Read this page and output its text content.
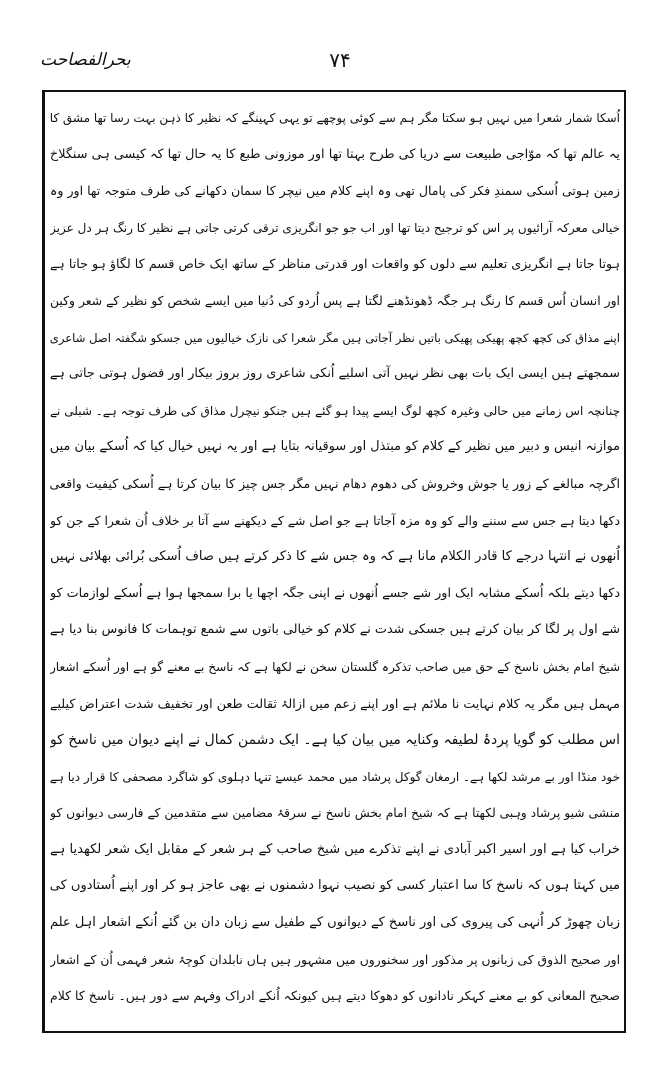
بحرالفصاحت	۷۴
اُسکا شمار شعرا میں نہیں ہو سکتا مگر ہم سے کوئی پوچھے تو یہی کہینگے کہ نظیر کا ذہن بہت رسا تھا مشق کا
یہ عالم تھا کہ موّاجی طبیعت سے دریا کی طرح بہتا تھا اور موزونی طبع کا یہ حال تھا کہ کیسی ہی سنگلاخ
زمین ہوتی اُسکی سمندِ فکر کی پامال تھی وہ اپنے کلام میں نیچر کا سمان دکھانے کی طرف متوجہ تھا اور وہ
خیالی معرکہ آرائیوں پر اس کو ترجیح دیتا تھا اور اب جو جو انگریزی ترقی کرتی جاتی ہے نظیر کا رنگ ہر دل عزیز
ہوتا جاتا ہے انگریزی تعلیم سے دلوں کو واقعات اور قدرتی مناظر کے ساتھ ایک خاص قسم کا لگاؤ ہو جاتا ہے
اور انسان اُس قسم کا رنگ ہر جگہ ڈھونڈھنے لگتا ہے پس اُردو کی دُنیا میں ایسے شخص کو نظیر کے شعر وکین
اپنے مذاق کی کچھ کچھ پھیکی پھیکی باتیں نظر آجاتی ہیں مگر شعرا کی نازک خیالیوں میں جسکو شگفتہ اصل شاعری
سمجھتے ہیں ایسی ایک بات بھی نظر نہیں آتی اسلیے اُنکی شاعری روز بروز بیکار اور فضول ہوتی جاتی ہے
چنانچہ اس زمانے میں حالی وغیرہ کچھ لوگ ایسے پیدا ہو گئے ہیں جنکو نیچرل مذاق کی طرف توجہ ہے۔ شبلی نے
موازنہ انیس و دبیر میں نظیر کے کلام کو مبتذل اور سوقیانہ بتایا ہے اور یہ نہیں خیال کیا کہ اُسکے بیان میں
اگرچہ مبالغے کے زور یا جوش وخروش کی دھوم دھام نہیں مگر جس چیز کا بیان کرتا ہے اُسکی کیفیت واقعی
دکھا دیتا ہے جس سے سننے والے کو وہ مزہ آجاتا ہے جو اصل شے کے دیکھنے سے آتا بر خلاف اُن شعرا کے جن کو
اُنھوں نے انتہا درجے کا قادر الکلام مانا ہے کہ وہ جس شے کا ذکر کرتے ہیں صاف اُسکی بُرائی بھلائی نہیں
دکھا دیتے بلکہ اُسکے مشابہ ایک اور شے جسے اُنھوں نے اپنی جگہ اچھا یا برا سمجھا ہوا ہے اُسکے لوازمات کو
شے اول پر لگا کر بیان کرتے ہیں جسکی شدت نے کلام کو خیالی باتوں سے شمع توہمات کا فانوس بنا دیا ہے
شیخ امام بخش ناسخ کے حق میں صاحب تذکرہ گلستان سخن نے لکھا ہے کہ ناسخ بے معنے گو ہے اور اُسکے اشعار
مہمل ہیں مگر یہ کلام نہایت نا ملائم ہے اور اپنے زعم میں ازالۂ ثقالت طعن اور تخفیف شدت اعتراض کیلیے
اس مطلب کو گویا پردۂ لطیفہ وکنایہ میں بیان کیا ہے۔ ایک دشمن کمال نے اپنے دیوان میں ناسخ کو
خود منڈا اور بے مرشد لکھا ہے۔ ارمغان گوکل پرشاد میں محمد عیسےٰ تنہا دہلوی کو شاگرد مصحفی کا قرار دیا ہے
منشی شیو پرشاد وہبی لکھتا ہے کہ شیخ امام بخش ناسخ نے سرقۂ مضامین سے متقدمین کے فارسی دیوانوں کو
خراب کیا ہے اور اسیر اکبر آبادی نے اپنے تذکرے میں شیخ صاحب کے ہر شعر کے مقابل ایک شعر لکھدیا ہے
میں کہتا ہوں کہ ناسخ کا سا اعتبار کسی کو نصیب نہوا دشمنوں نے بھی عاجز ہو کر اور اپنے اُستادوں کی
زبان چھوڑ کر اُنہی کی پیروی کی اور ناسخ کے دیوانوں کے طفیل سے زبان دان بن گئے اُنکے اشعار اہل علم
اور صحیح الذوق کی زبانوں پر مذکور اور سخنوروں میں مشہور ہیں ہاں نابلدان کوچۂ شعر فہمی اُن کے اشعار
صحیح المعانی کو بے معنے کہکر نادانوں کو دھوکا دیتے ہیں کیونکہ اُنکے ادراک وفہم سے دور ہیں۔ ناسخ کا کلام
